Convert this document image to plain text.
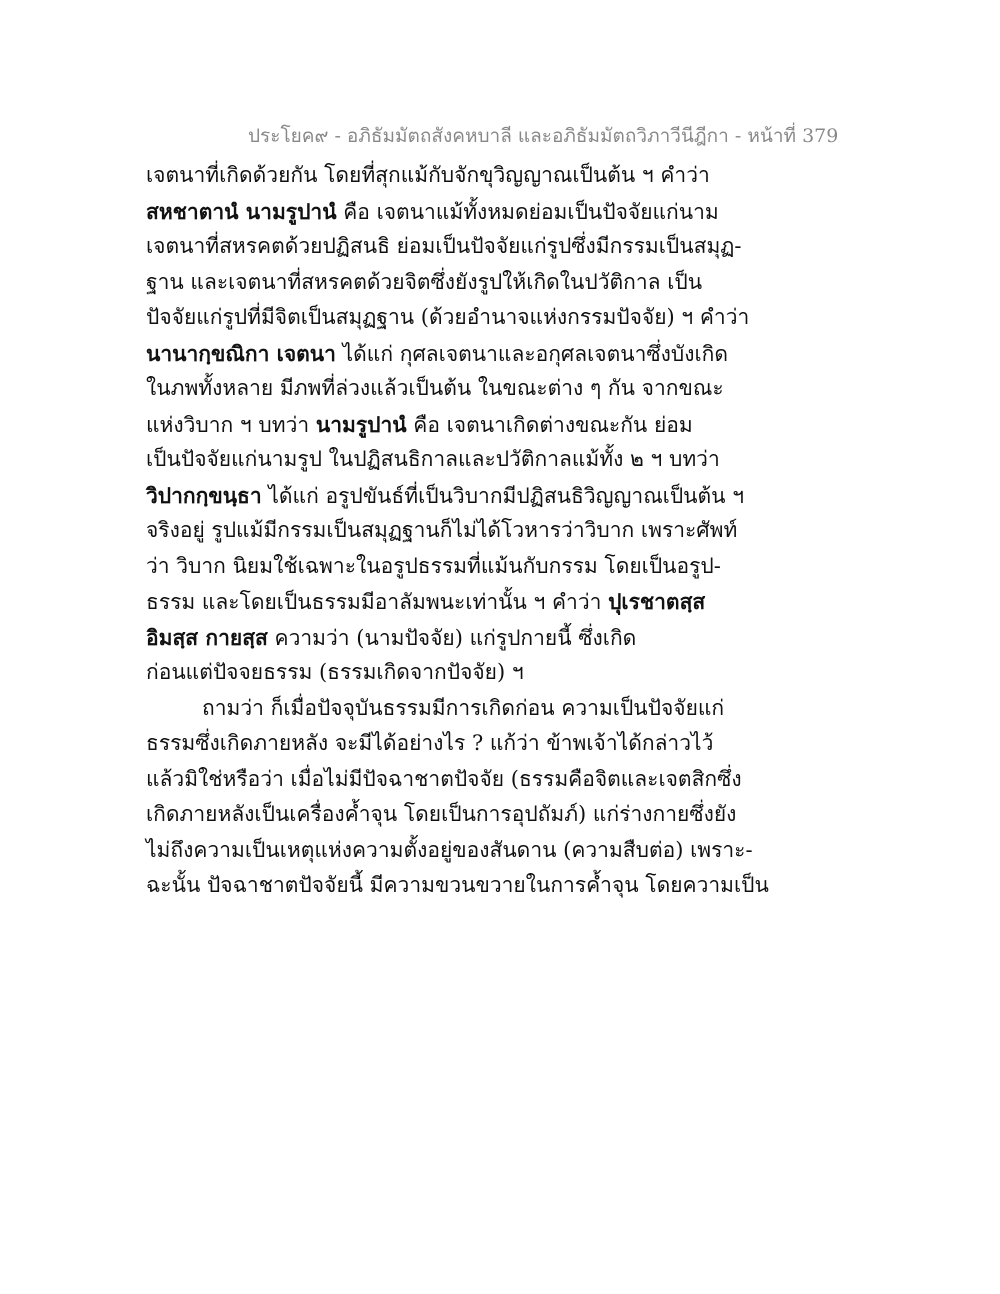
ประโยค๙ - อภิธัมมัตถสังคหบาลี และอภิธัมมัตถวิภาวีนีฎีกา - หน้าที่ 379

เจตนาที่เกิดด้วยกัน โดยที่สุกแม้กับจักขุวิญญาณเป็นต้น ฯ คำว่า
สหชาตานํ นามรูปานํ คือ เจตนาแม้ทั้งหมดย่อมเป็นปัจจัยแก่นาม
เจตนาที่สหรคตด้วยปฏิสนธิ ย่อมเป็นปัจจัยแก่รูปซึ่งมีกรรมเป็นสมุฏ-
ฐาน และเจตนาที่สหรคตด้วยจิตซึ่งยังรูปให้เกิดในปวัติกาล เป็น
ปัจจัยแก่รูปที่มีจิตเป็นสมุฏฐาน (ด้วยอำนาจแห่งกรรมปัจจัย) ฯ คำว่า
นานากฺขณิกา เจตนา ได้แก่ กุศลเจตนาและอกุศลเจตนาซึ่งบังเกิด
ในภพทั้งหลาย มีภพที่ล่วงแล้วเป็นต้น ในขณะต่าง ๆ กัน จากขณะ
แห่งวิบาก ฯ บทว่า นามรูปานํ คือ เจตนาเกิดต่างขณะกัน ย่อม
เป็นปัจจัยแก่นามรูป ในปฏิสนธิกาลและปวัติกาลแม้ทั้ง ๒ ฯ บทว่า
วิปากกฺขนฺธา ได้แก่ อรูปขันธ์ที่เป็นวิบากมีปฏิสนธิวิญญาณเป็นต้น ฯ
จริงอยู่ รูปแม้มีกรรมเป็นสมุฏฐานก็ไม่ได้โวหารว่าวิบาก เพราะศัพท์
ว่า วิบาก นิยมใช้เฉพาะในอรูปธรรมที่แม้นกับกรรม โดยเป็นอรูป-
ธรรม และโดยเป็นธรรมมีอาลัมพนะเท่านั้น ฯ คำว่า ปุเรชาตสฺส
อิมสฺส กายสฺส ความว่า (นามปัจจัย) แก่รูปกายนี้ ซึ่งเกิด
ก่อนแต่ปัจจยธรรม (ธรรมเกิดจากปัจจัย) ฯ
ถามว่า ก็เมื่อปัจจุบันธรรมมีการเกิดก่อน ความเป็นปัจจัยแก่
ธรรมซึ่งเกิดภายหลัง จะมีได้อย่างไร ? แก้ว่า ข้าพเจ้าได้กล่าวไว้
แล้วมิใช่หรือว่า เมื่อไม่มีปัจฉาชาตปัจจัย (ธรรมคือจิตและเจตสิกซึ่ง
เกิดภายหลังเป็นเครื่องค้ำจุน โดยเป็นการอุปถัมภ์) แก่ร่างกายซึ่งยัง
ไม่ถึงความเป็นเหตุแห่งความตั้งอยู่ของสันดาน (ความสืบต่อ) เพราะ-
ฉะนั้น ปัจฉาชาตปัจจัยนี้ มีความขวนขวายในการค้ำจุน โดยความเป็น
